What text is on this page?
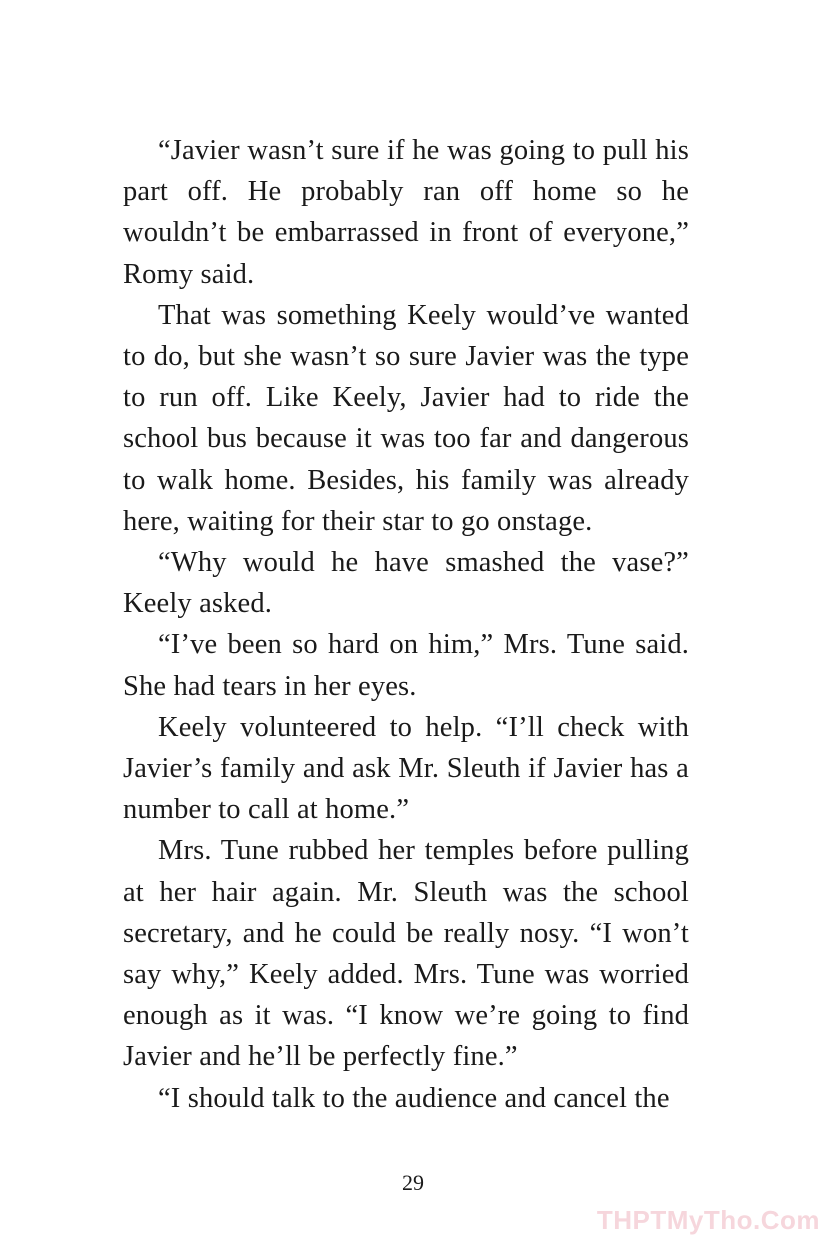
“Javier wasn’t sure if he was going to pull his part off. He probably ran off home so he wouldn’t be embarrassed in front of everyone,” Romy said.

That was something Keely would’ve wanted to do, but she wasn’t so sure Javier was the type to run off. Like Keely, Javier had to ride the school bus because it was too far and dangerous to walk home. Besides, his family was already here, waiting for their star to go onstage.

“Why would he have smashed the vase?” Keely asked.

“I’ve been so hard on him,” Mrs. Tune said. She had tears in her eyes.

Keely volunteered to help. “I’ll check with Javier’s family and ask Mr. Sleuth if Javier has a number to call at home.”

Mrs. Tune rubbed her temples before pulling at her hair again. Mr. Sleuth was the school secretary, and he could be really nosy. “I won’t say why,” Keely added. Mrs. Tune was worried enough as it was. “I know we’re going to find Javier and he’ll be perfectly fine.”

“I should talk to the audience and cancel the

29
THPTMyTho.Com
